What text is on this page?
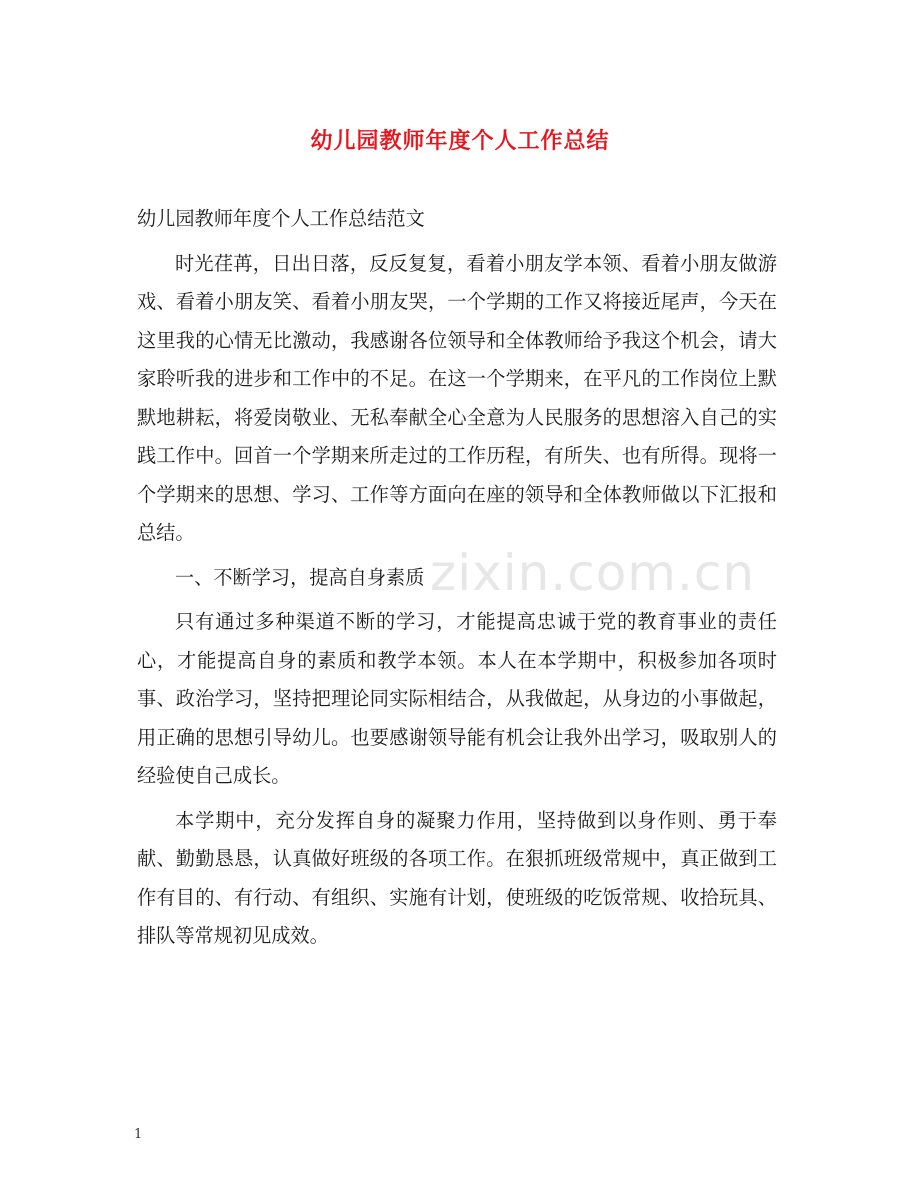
幼儿园教师年度个人工作总结

幼儿园教师年度个人工作总结范文

时光荏苒，日出日落，反反复复，看着小朋友学本领、看着小朋友做游戏、看着小朋友笑、看着小朋友哭，一个学期的工作又将接近尾声，今天在这里我的心情无比激动，我感谢各位领导和全体教师给予我这个机会，请大家聆听我的进步和工作中的不足。在这一个学期来，在平凡的工作岗位上默默地耕耘，将爱岗敬业、无私奉献全心全意为人民服务的思想溶入自己的实践工作中。回首一个学期来所走过的工作历程，有所失、也有所得。现将一个学期来的思想、学习、工作等方面向在座的领导和全体教师做以下汇报和总结。

一、不断学习，提高自身素质

只有通过多种渠道不断的学习，才能提高忠诚于党的教育事业的责任心，才能提高自身的素质和教学本领。本人在本学期中，积极参加各项时事、政治学习，坚持把理论同实际相结合，从我做起，从身边的小事做起，用正确的思想引导幼儿。也要感谢领导能有机会让我外出学习，吸取别人的经验使自己成长。

本学期中，充分发挥自身的凝聚力作用，坚持做到以身作则、勇于奉献、勤勤恳恳，认真做好班级的各项工作。在狠抓班级常规中，真正做到工作有目的、有行动、有组织、实施有计划，使班级的吃饭常规、收拾玩具、排队等常规初见成效。

zixin.com.cn
1
